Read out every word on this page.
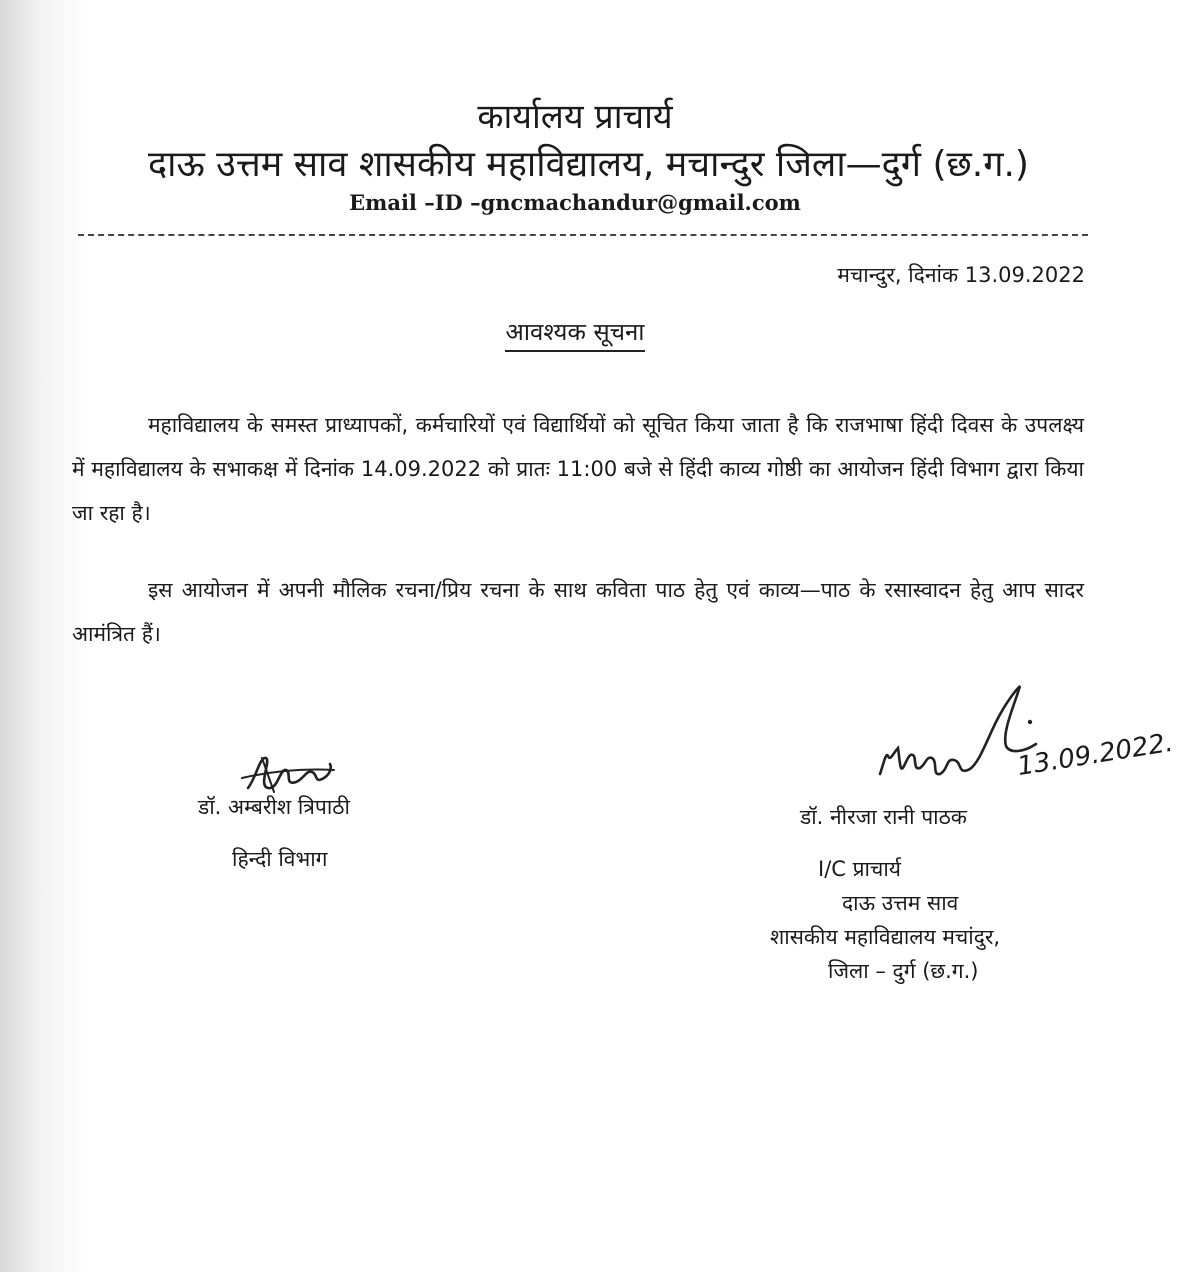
कार्यालय प्राचार्य
दाऊ उत्तम साव शासकीय महाविद्यालय, मचान्दुर जिला—दुर्ग (छ.ग.)
Email –ID –gncmachandur@gmail.com
मचान्दुर, दिनांक 13.09.2022
आवश्यक सूचना
महाविद्यालय के समस्त प्राध्यापकों, कर्मचारियों एवं विद्यार्थियों को सूचित किया जाता है कि राजभाषा हिंदी दिवस के उपलक्ष्य में महाविद्यालय के सभाकक्ष में दिनांक 14.09.2022 को प्रातः 11:00 बजे से हिंदी काव्य गोष्ठी का आयोजन हिंदी विभाग द्वारा किया जा रहा है।
इस आयोजन में अपनी मौलिक रचना/प्रिय रचना के साथ कविता पाठ हेतु एवं काव्य—पाठ के रसास्वादन हेतु आप सादर आमंत्रित हैं।
डॉ. अम्बरीश त्रिपाठी
हिन्दी विभाग
13.09.2022.
डॉ. नीरजा रानी पाठक
I/C प्राचार्य
दाऊ उत्तम साव
शासकीय महाविद्यालय मचांदुर,
जिला – दुर्ग (छ.ग.)
